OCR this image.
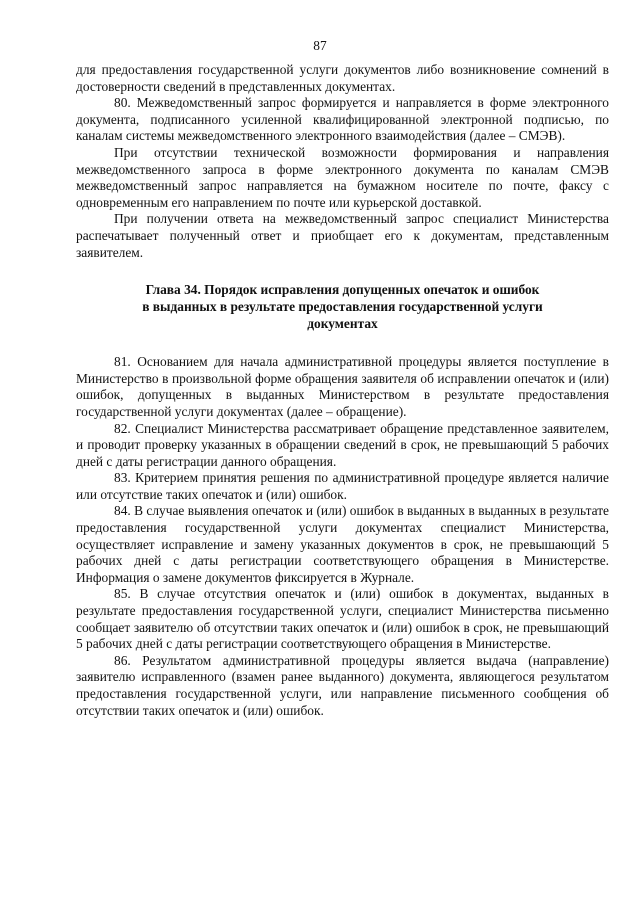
87

для предоставления государственной услуги документов либо возникновение сомнений в достоверности сведений в представленных документах.

80. Межведомственный запрос формируется и направляется в форме электронного документа, подписанного усиленной квалифицированной электронной подписью, по каналам системы межведомственного электронного взаимодействия (далее – СМЭВ).

При отсутствии технической возможности формирования и направления межведомственного запроса в форме электронного документа по каналам СМЭВ межведомственный запрос направляется на бумажном носителе по почте, факсу с одновременным его направлением по почте или курьерской доставкой.

При получении ответа на межведомственный запрос специалист Министерства распечатывает полученный ответ и приобщает его к документам, представленным заявителем.

Глава 34. Порядок исправления допущенных опечаток и ошибок
в выданных в результате предоставления государственной услуги
документах

81. Основанием для начала административной процедуры является поступление в Министерство в произвольной форме обращения заявителя об исправлении опечаток и (или) ошибок, допущенных в выданных Министерством в результате предоставления государственной услуги документах (далее – обращение).

82. Специалист Министерства рассматривает обращение представленное заявителем, и проводит проверку указанных в обращении сведений в срок, не превышающий 5 рабочих дней с даты регистрации данного обращения.

83. Критерием принятия решения по административной процедуре является наличие или отсутствие таких опечаток и (или) ошибок.

84. В случае выявления опечаток и (или) ошибок в выданных в выданных в результате предоставления государственной услуги документах специалист Министерства, осуществляет исправление и замену указанных документов в срок, не превышающий 5 рабочих дней с даты регистрации соответствующего обращения в Министерстве. Информация о замене документов фиксируется в Журнале.

85. В случае отсутствия опечаток и (или) ошибок в документах, выданных в результате предоставления государственной услуги, специалист Министерства письменно сообщает заявителю об отсутствии таких опечаток и (или) ошибок в срок, не превышающий 5 рабочих дней с даты регистрации соответствующего обращения в Министерстве.

86. Результатом административной процедуры является выдача (направление) заявителю исправленного (взамен ранее выданного) документа, являющегося результатом предоставления государственной услуги, или направление письменного сообщения об отсутствии таких опечаток и (или) ошибок.
